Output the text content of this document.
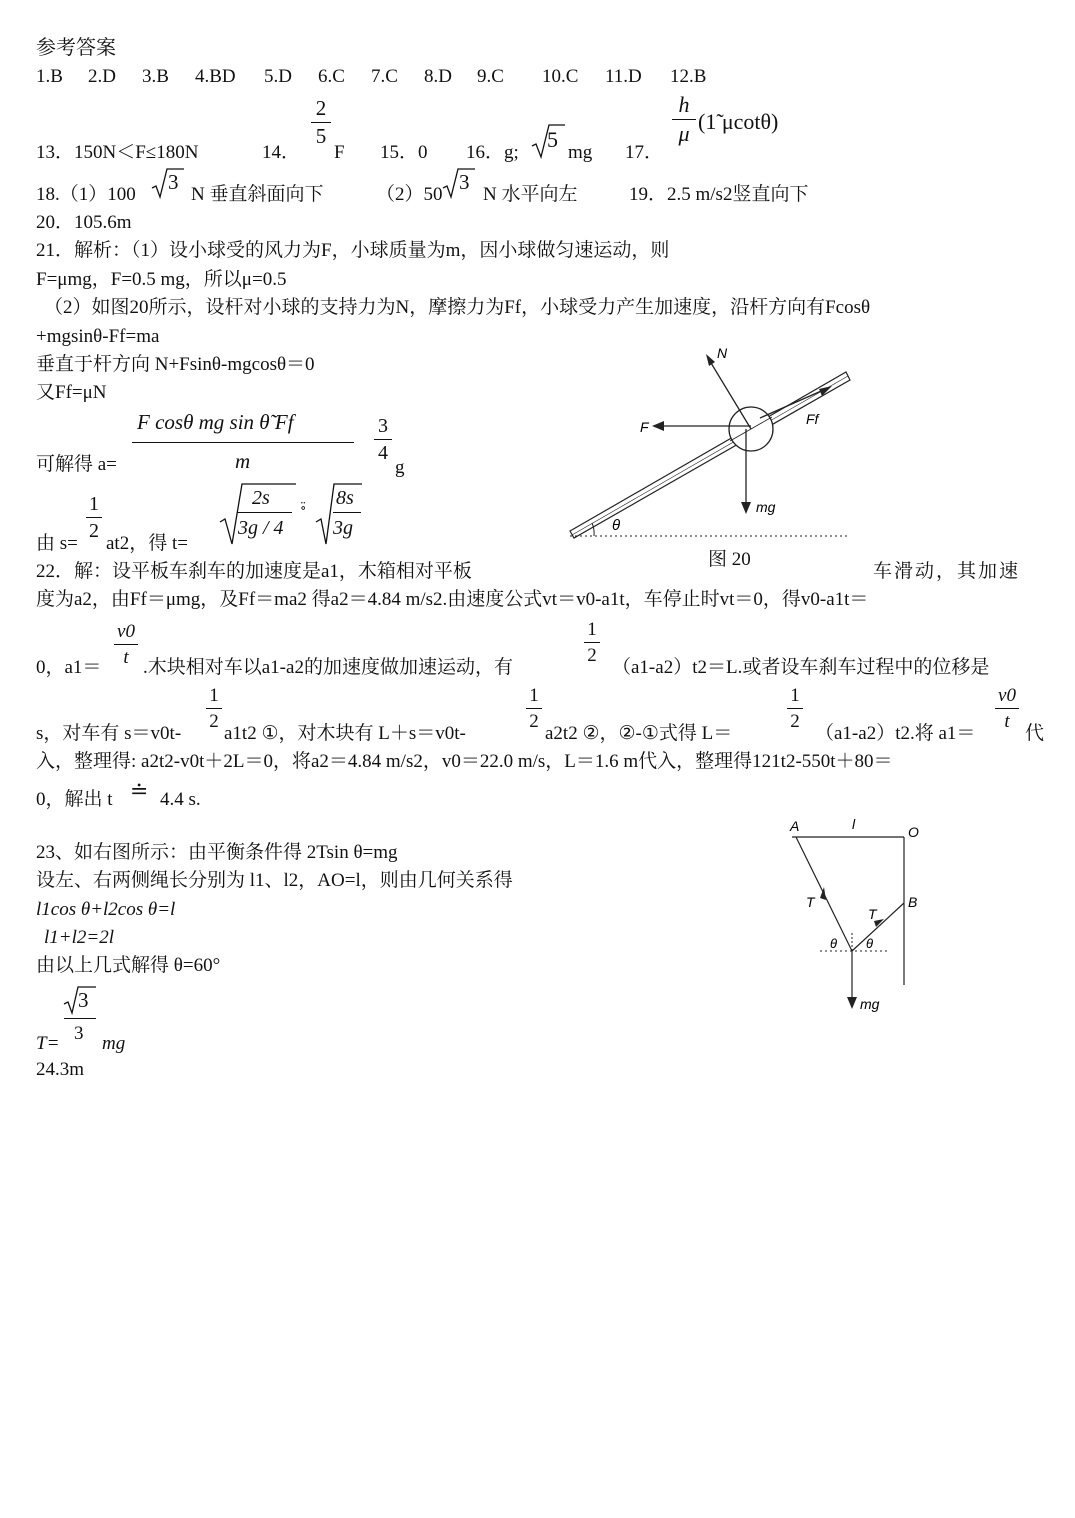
参考答案
1.B 2.D 3.B 4.BD 5.D 6.C 7.C 8.D 9.C 10.C 11.D 12.B
13．150N＜F≤180N	14．
2
5
F 15．0 16．g;
5
mg 17．
h
μ (1̃ μcotθ)
18.（1）100
3
N 垂直斜面向下	（2）50
3
N 水平向左	19．2.5 m/s2竖直向下
20．105.6m
21．解析：（1）设小球受的风力为F，小球质量为m，因小球做匀速运动，则
F=μmg，F=0.5 mg，所以μ=0.5
（2）如图20所示，设杆对小球的支持力为N，摩擦力为Ff，小球受力产生加速度，沿杆方向有Fcosθ
+mgsinθ-Ff=ma
垂直于杆方向 N+Fsinθ-mgcosθ＝0
又Ff=μN
可解得 a=
F cosθ mg sin θ̃ Ff
m
3
4
g
由 s=
1
2
at2，得 t=
2s
3g / 4
∘̈ 8s
3g	θ
N
F	Ff
mg
图 20
22．解：设平板车刹车的加速度是a1，木箱相对平板	车滑动，其加速
度为a2，由Ff＝μmg，及Ff＝ma2 得a2＝4.84 m/s2.由速度公式vt＝v0-a1t，车停止时vt＝0，得v0-a1t＝
0，a1＝
v0
t .木块相对车以a1-a2的加速度做加速运动，有
1
2
（a1-a2）t2＝L.或者设车刹车过程中的位移是
s，对车有 s＝v0t-
1
2
a1t2 ①，对木块有 L＋s＝v0t-
1
2
a2t2 ②，②-①式得 L＝
1
2
（a1-a2）t2.将 a1＝
v0
t
代
入，整理得: a2t2-v0t＋2L＝0，将a2＝4.84 m/s2，v0＝22.0 m/s，L＝1.6 m代入，整理得121t2-550t＋80＝
0，解出 t ≐ 4.4 s.
23、如右图所示：由平衡条件得 2Tsin θ=mg
设左、右两侧绳长分别为 l1、l2，AO=l，则由几何关系得
l1cos θ+l2cos θ=l
l1+l2=2l
由以上几式解得 θ=60°
3
3
T= mg
24.3m
A	l	O
B
T
T
θ θ
mg
